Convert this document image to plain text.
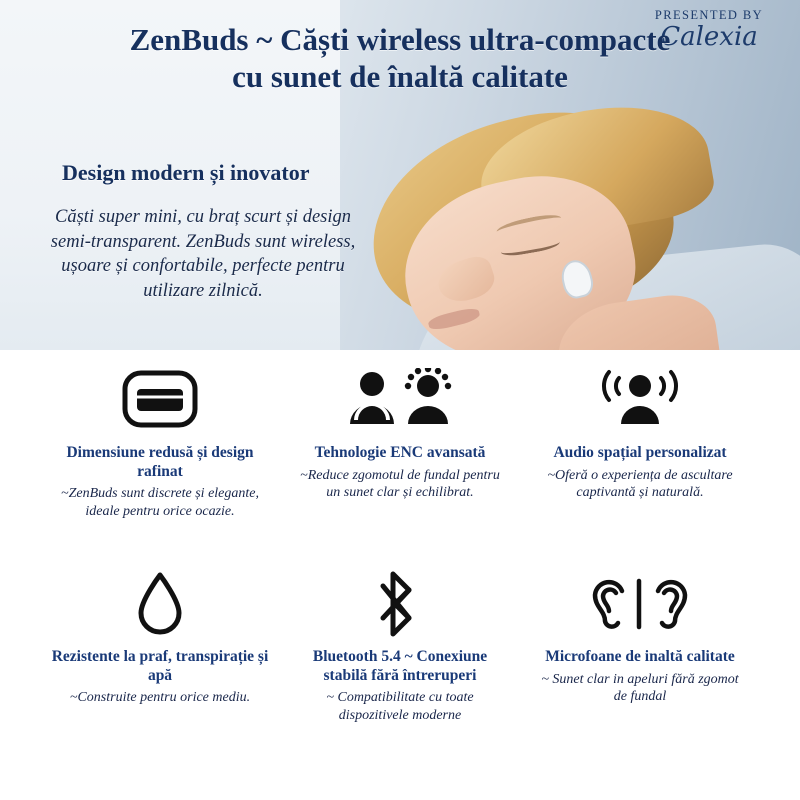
PRESENTED BY
Calexia
ZenBuds ~ Căști wireless ultra-compacte cu sunet de înaltă calitate
Design modern și inovator
Căști super mini, cu braț scurt și design semi-transparent. ZenBuds sunt wireless, ușoare și confortabile, perfecte pentru utilizare zilnică.
Dimensiune redusă și design rafinat
~ZenBuds sunt discrete și elegante, ideale pentru orice ocazie.
Tehnologie ENC avansată
~Reduce zgomotul de fundal pentru un sunet clar și echilibrat.
Audio spațial personalizat
~Oferă o experiența de ascultare captivantă și naturală.
Rezistente la praf, transpirație și apă
~Construite pentru orice mediu.
Bluetooth 5.4 ~ Conexiune stabilă fără întreruperi
~ Compatibilitate cu toate dispozitivele moderne
Microfoane de inaltă calitate
~ Sunet clar in apeluri fără zgomot de fundal
